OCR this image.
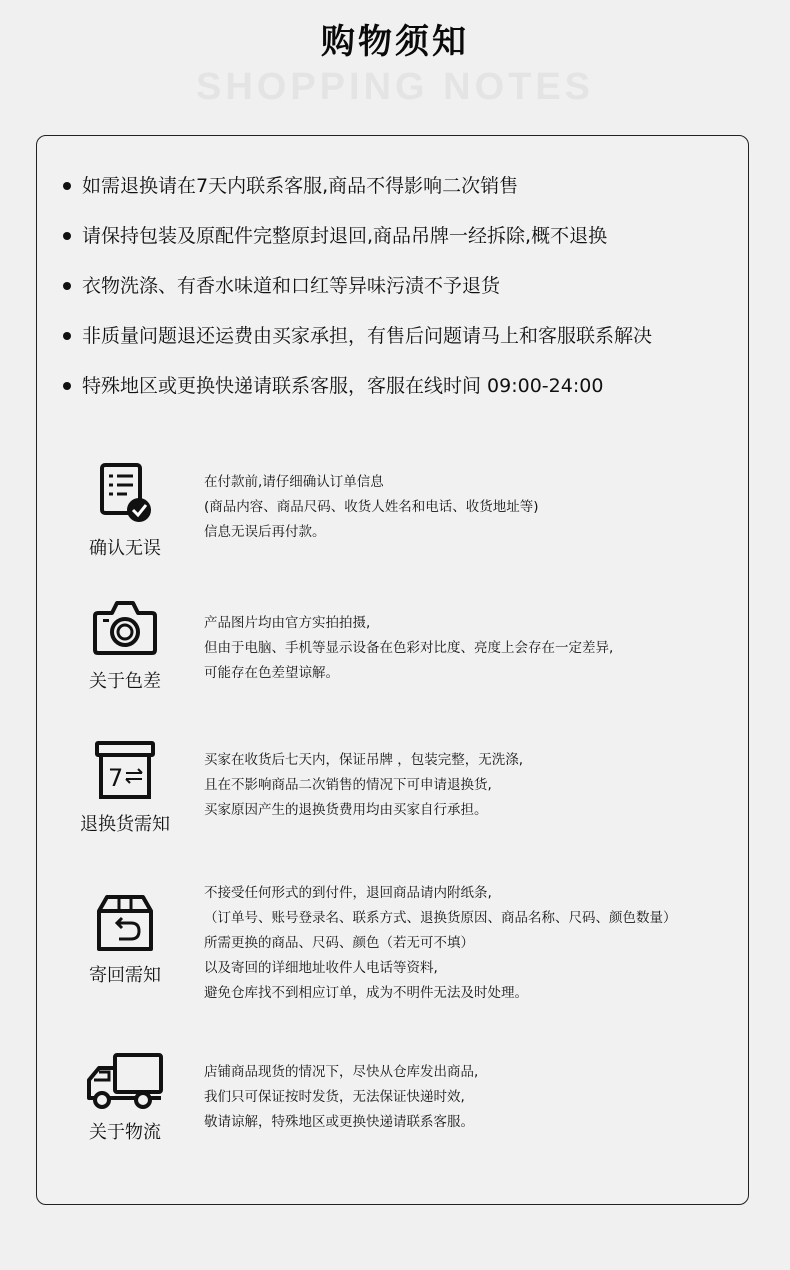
购物须知
SHOPPING NOTES
如需退换请在7天内联系客服,商品不得影响二次销售
请保持包装及原配件完整原封退回,商品吊牌一经拆除,概不退换
衣物洗涤、有香水味道和口红等异味污渍不予退货
非质量问题退还运费由买家承担，有售后问题请马上和客服联系解决
特殊地区或更换快递请联系客服，客服在线时间 09:00-24:00
确认无误
在付款前,请仔细确认订单信息
(商品内容、商品尺码、收货人姓名和电话、收货地址等)
信息无误后再付款。
关于色差
产品图片均由官方实拍拍摄,
但由于电脑、手机等显示设备在色彩对比度、亮度上会存在一定差异,
可能存在色差望谅解。
7
退换货需知
买家在收货后七天内，保证吊牌 ，包装完整，无洗涤,
且在不影响商品二次销售的情况下可申请退换货,
买家原因产生的退换货费用均由买家自行承担。
寄回需知
不接受任何形式的到付件，退回商品请内附纸条,
（订单号、账号登录名、联系方式、退换货原因、商品名称、尺码、颜色数量）
所需更换的商品、尺码、颜色（若无可不填）
以及寄回的详细地址收件人电话等资料,
避免仓库找不到相应订单，成为不明件无法及时处理。
关于物流
店铺商品现货的情况下，尽快从仓库发出商品,
我们只可保证按时发货，无法保证快递时效,
敬请谅解，特殊地区或更换快递请联系客服。
